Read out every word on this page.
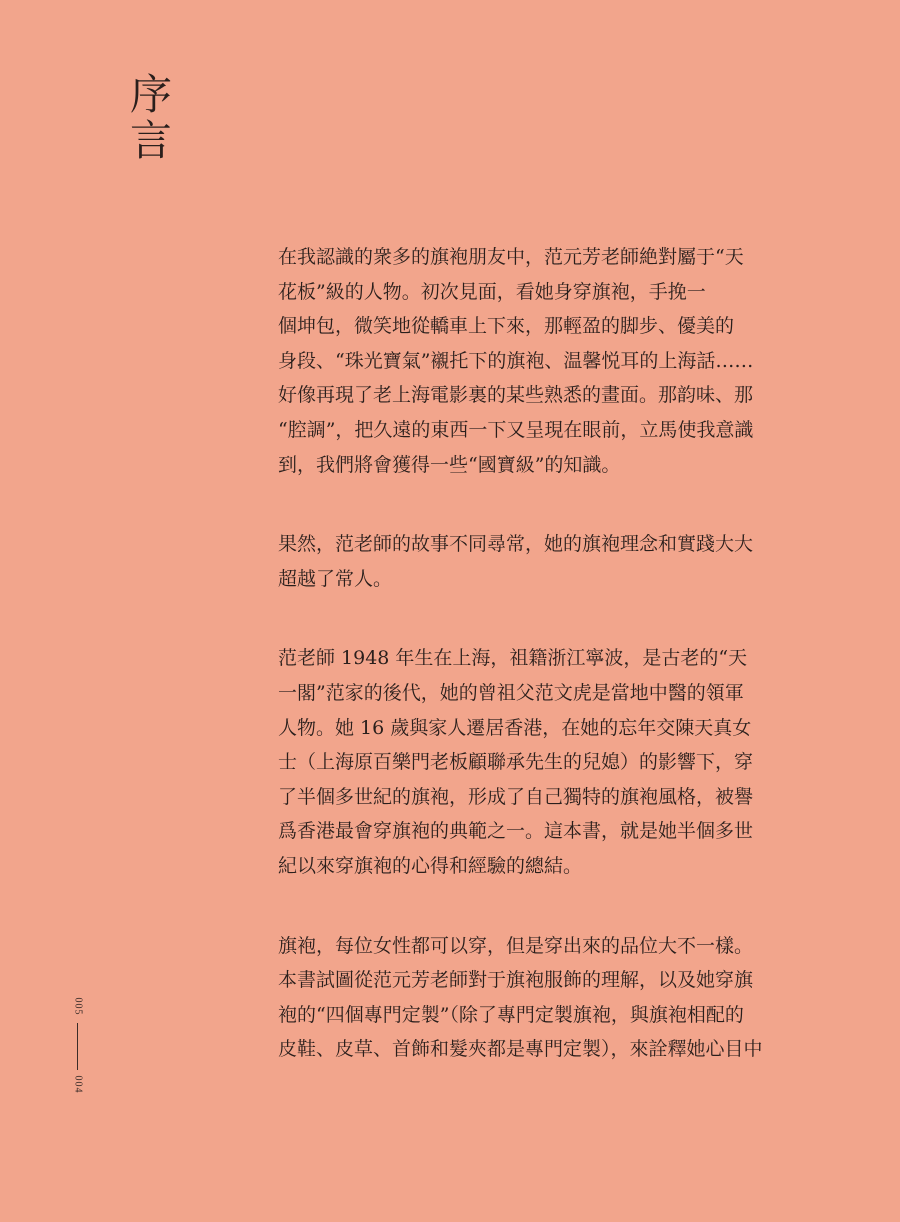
序
言

在我認識的衆多的旗袍朋友中，范元芳老師絶對屬于“天
花板”級的人物。初次見面，看她身穿旗袍，手挽一
個坤包，微笑地從轎車上下來，那輕盈的脚步、優美的
身段、“珠光寶氣”襯托下的旗袍、温馨悦耳的上海話……
好像再現了老上海電影裏的某些熟悉的畫面。那韵味、那
“腔調”，把久遠的東西一下又呈現在眼前，立馬使我意識
到，我們將會獲得一些“國寶級”的知識。

果然，范老師的故事不同尋常，她的旗袍理念和實踐大大
超越了常人。

范老師 1948 年生在上海，祖籍浙江寧波，是古老的“天
一閣”范家的後代，她的曾祖父范文虎是當地中醫的領軍
人物。她 16 歲與家人遷居香港，在她的忘年交陳天真女
士（上海原百樂門老板顧聯承先生的兒媳）的影響下，穿
了半個多世紀的旗袍，形成了自己獨特的旗袍風格，被譽
爲香港最會穿旗袍的典範之一。這本書，就是她半個多世
紀以來穿旗袍的心得和經驗的總結。

旗袍，每位女性都可以穿，但是穿出來的品位大不一樣。
本書試圖從范元芳老師對于旗袍服飾的理解，以及她穿旗
袍的“四個專門定製”（除了專門定製旗袍，與旗袍相配的
皮鞋、皮草、首飾和髮夾都是專門定製），來詮釋她心目中

005
004
